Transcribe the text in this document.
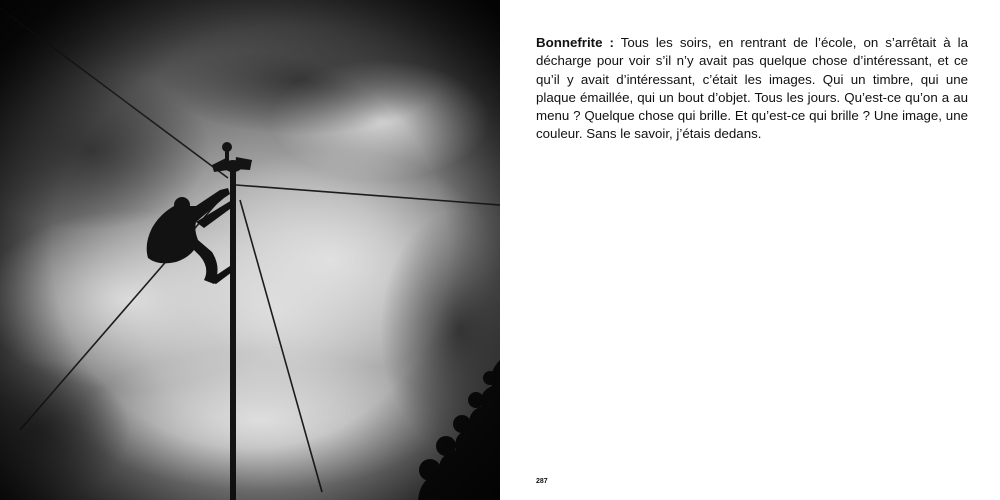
Bonnefrite : Tous les soirs, en rentrant de l’école, on s’arrêtait à la décharge pour voir s’il n’y avait pas quelque chose d’intéressant, et ce qu’il y avait d’intéressant, c’était les images. Qui un timbre, qui une plaque émaillée, qui un bout d’objet. Tous les jours. Qu’est-ce qu’on a au menu ? Quelque chose qui brille. Et qu’est-ce qui brille ? Une image, une couleur. Sans le savoir, j’étais dedans.

287
